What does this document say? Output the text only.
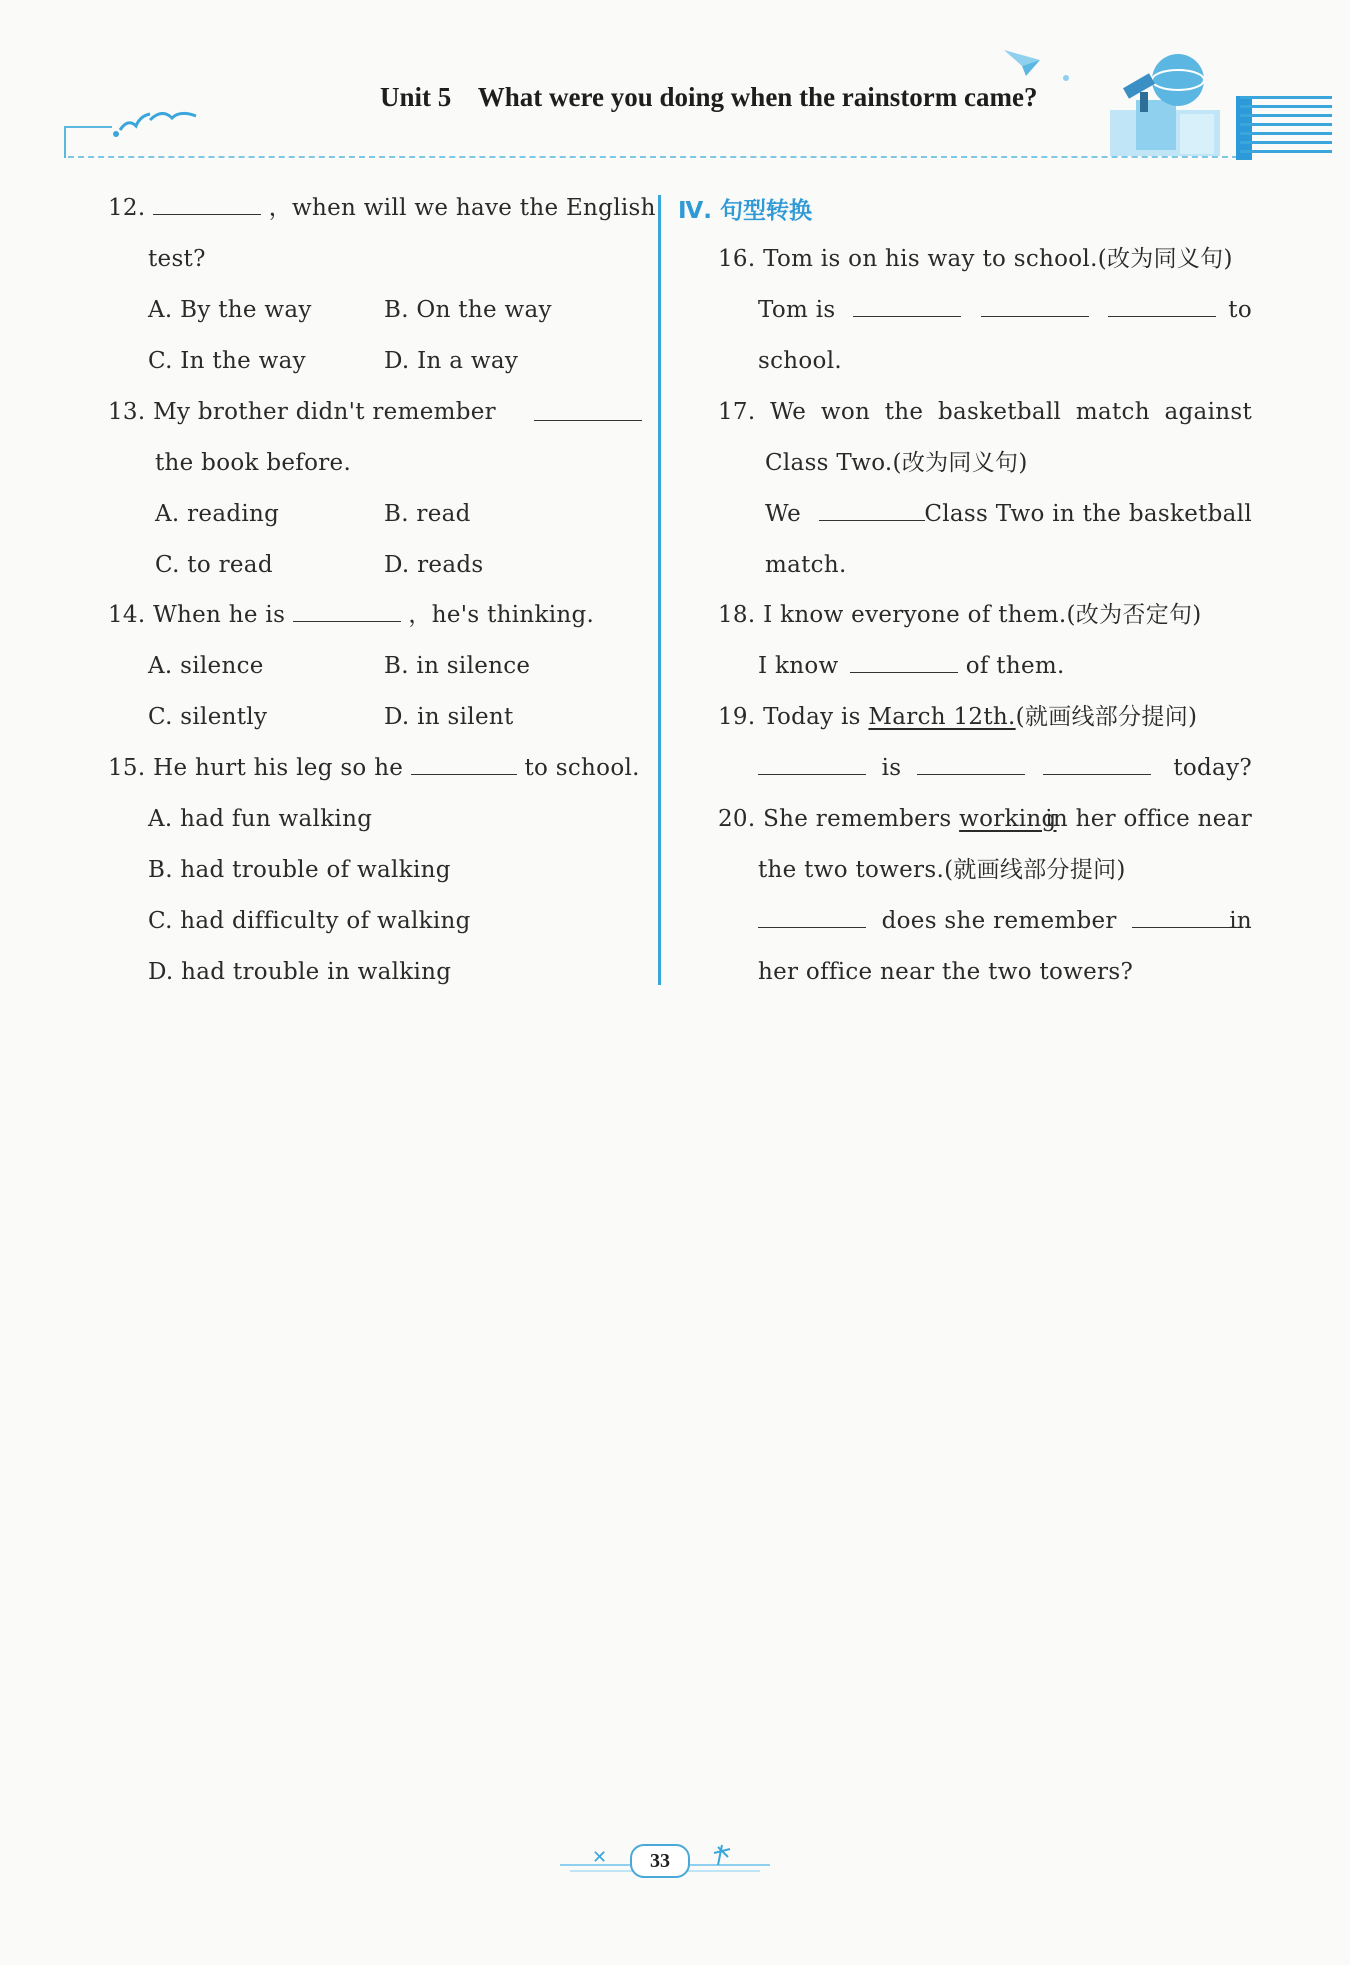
Unit 5 What were you doing when the rainstorm came?
12.	，when will we have the English
test?
A. By the way	B. On the way
C. In the way	D. In a way
13. My brother didn't remember
the book before.
A. reading	B. read
C. to read	D. reads
14. When he is	，he's thinking.
A. silence	B. in silence
C. silently	D. in silent
15. He hurt his leg so he	to school.
A. had fun walking
B. had trouble of walking
C. had difficulty of walking
D. had trouble in walking
Ⅳ. 句型转换
16. Tom is on his way to school.(改为同义句)
Tom is	to
school.
17. We won the basketball match against
Class Two.(改为同义句)
We	Class Two in the basketball
match.
18. I know everyone of them.(改为否定句)
I know	of them.
19. Today is March 12th.(就画线部分提问)
is	today?
20. She remembers working
in her office near
the two towers.(就画线部分提问)
does she remember	in
her office near the two towers?
✕	33
